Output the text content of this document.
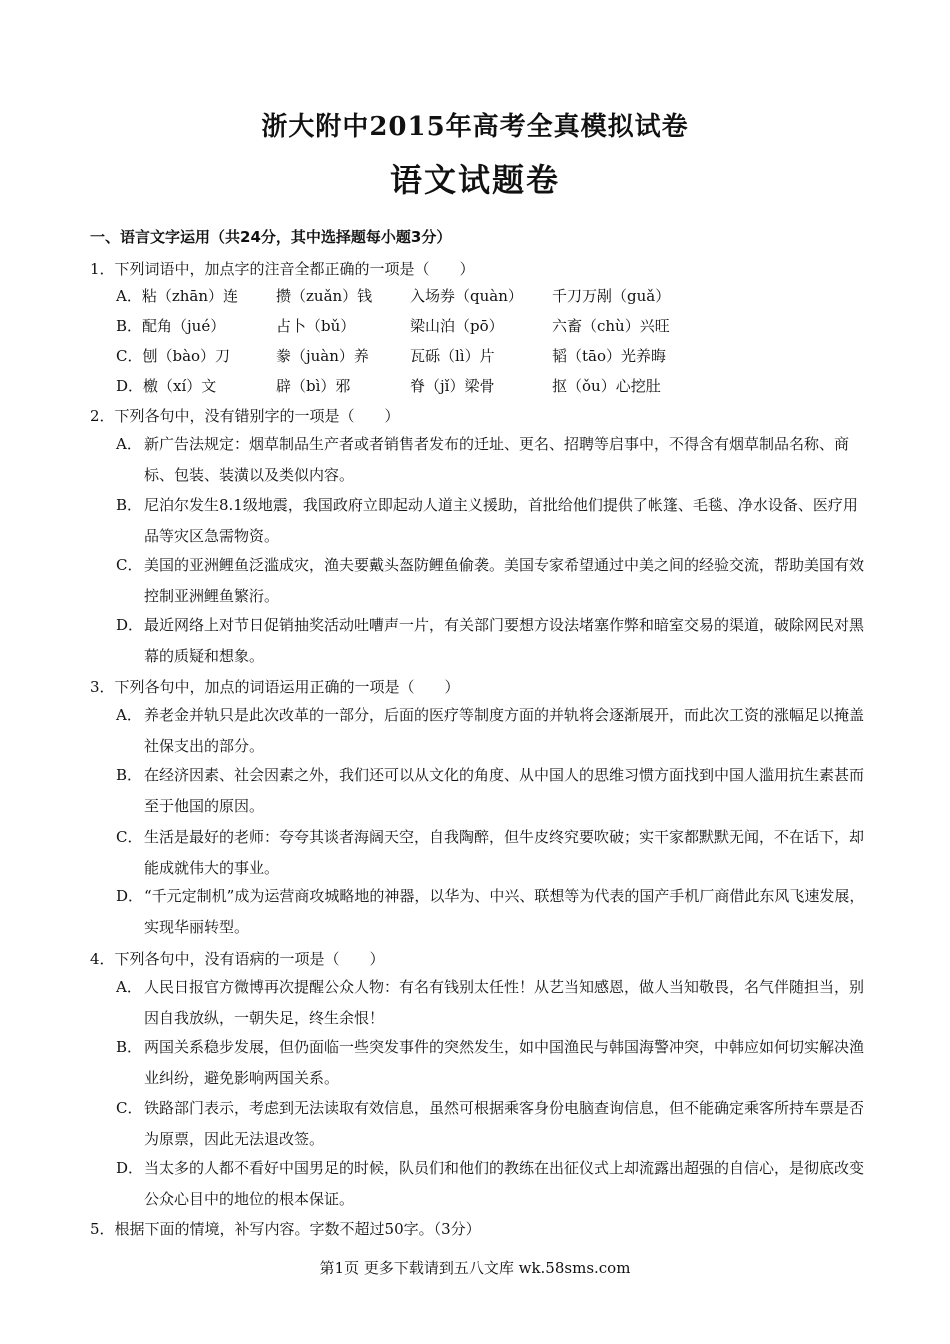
浙大附中2015年高考全真模拟试卷
语文试题卷
一、语言文字运用（共24分，其中选择题每小题3分）
1．下列词语中，加点字的注音全都正确的一项是（　　）
A．粘（zhān）连	攒（zuǎn）钱	入场券（quàn） 千刀万剐（guǎ）
B．配角（jué）	占卜（bǔ）	梁山泊（pō）	六畜（chù）兴旺
C．刨（bào）刀	豢（juàn）养	瓦砾（lì）片	韬（tāo）光养晦
D．檄（xí）文	辟（bì）邪	脊（jǐ）梁骨	抠（ǒu）心挖肚
2．下列各句中，没有错别字的一项是（　　）
A． 新广告法规定：烟草制品生产者或者销售者发布的迁址、更名、招聘等启事中，不得含有烟草制品名称、商标、包装、装潢以及类似内容。
B． 尼泊尔发生8.1级地震，我国政府立即起动人道主义援助，首批给他们提供了帐篷、毛毯、净水设备、医疗用品等灾区急需物资。
C． 美国的亚洲鲤鱼泛滥成灾，渔夫要戴头盔防鲤鱼偷袭。美国专家希望通过中美之间的经验交流，帮助美国有效控制亚洲鲤鱼繁洐。
D． 最近网络上对节日促销抽奖活动吐嘈声一片，有关部门要想方设法堵塞作弊和暗室交易的渠道，破除网民对黑幕的质疑和想象。
3．下列各句中，加点的词语运用正确的一项是（　　）
A． 养老金并轨只是此次改革的一部分，后面的医疗等制度方面的并轨将会逐渐展开，而此次工资的涨幅足以掩盖社保支出的部分。
B． 在经济因素、社会因素之外，我们还可以从文化的角度、从中国人的思维习惯方面找到中国人滥用抗生素甚而至于他国的原因。
C． 生活是最好的老师：夸夸其谈者海阔天空，自我陶醉，但牛皮终究要吹破；实干家都默默无闻，不在话下，却能成就伟大的事业。
D． “千元定制机”成为运营商攻城略地的神器，以华为、中兴、联想等为代表的国产手机厂商借此东风飞速发展，实现华丽转型。
4．下列各句中，没有语病的一项是（　　）
A． 人民日报官方微博再次提醒公众人物：有名有钱别太任性！从艺当知感恩，做人当知敬畏，名气伴随担当，别因自我放纵，一朝失足，终生余恨！
B． 两国关系稳步发展，但仍面临一些突发事件的突然发生，如中国渔民与韩国海警冲突，中韩应如何切实解决渔业纠纷，避免影响两国关系。
C． 铁路部门表示，考虑到无法读取有效信息，虽然可根据乘客身份电脑查询信息，但不能确定乘客所持车票是否为原票，因此无法退改签。
D． 当太多的人都不看好中国男足的时候，队员们和他们的教练在出征仪式上却流露出超强的自信心，是彻底改变公众心目中的地位的根本保证。
5．根据下面的情境，补写内容。字数不超过50字。（3分）
第1页 更多下载请到五八文库 wk.58sms.com
